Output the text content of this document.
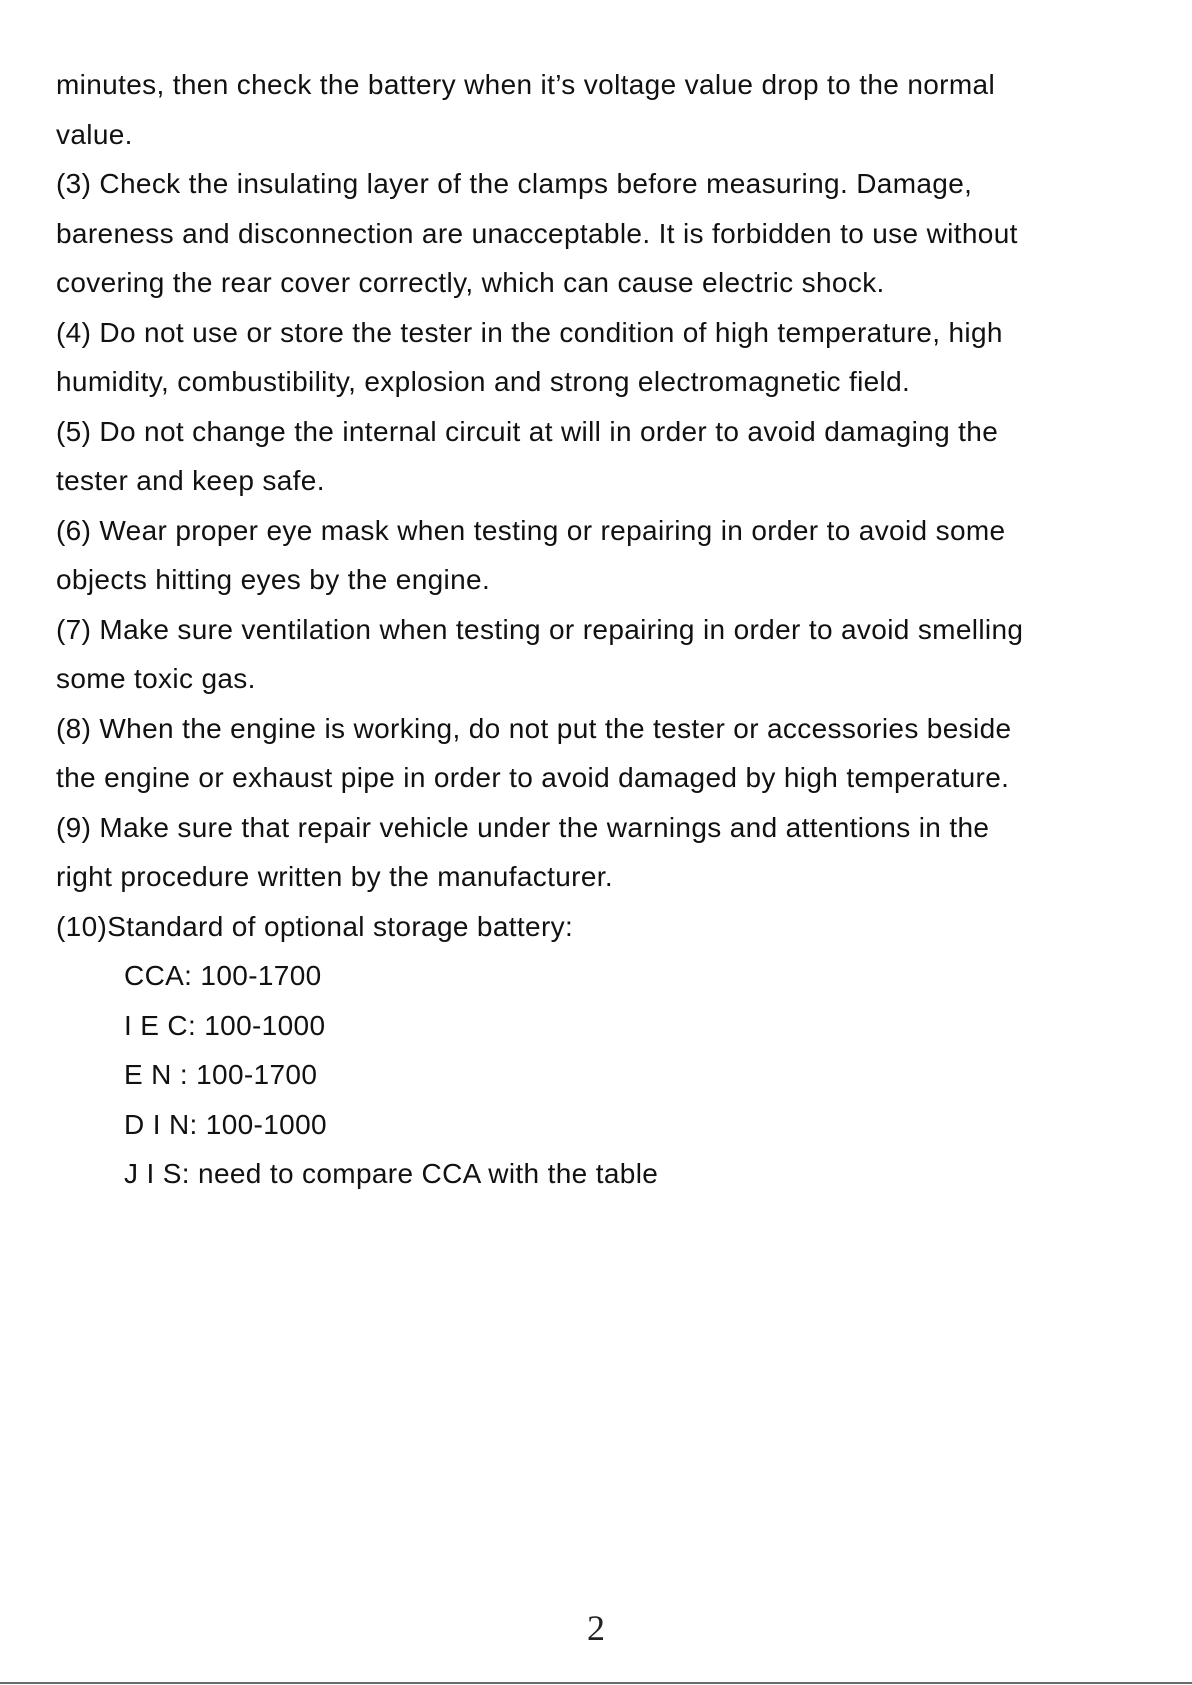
minutes, then check the battery when it’s voltage value drop to the normal
value.
(3) Check the insulating layer of the clamps before measuring. Damage,
bareness and disconnection are unacceptable. It is forbidden to use without
covering the rear cover correctly, which can cause electric shock.
(4) Do not use or store the tester in the condition of high temperature, high
humidity, combustibility, explosion and strong electromagnetic field.
(5) Do not change the internal circuit at will in order to avoid damaging the
tester and keep safe.
(6) Wear proper eye mask when testing or repairing in order to avoid some
objects hitting eyes by the engine.
(7) Make sure ventilation when testing or repairing in order to avoid smelling
some toxic gas.
(8) When the engine is working, do not put the tester or accessories beside
the engine or exhaust pipe in order to avoid damaged by high temperature.
(9) Make sure that repair vehicle under the warnings and attentions in the
right procedure written by the manufacturer.
(10)Standard of optional storage battery:
CCA: 100-1700
I E C: 100-1000
E N : 100-1700
D I N: 100-1000
J I S: need to compare CCA with the table
2
